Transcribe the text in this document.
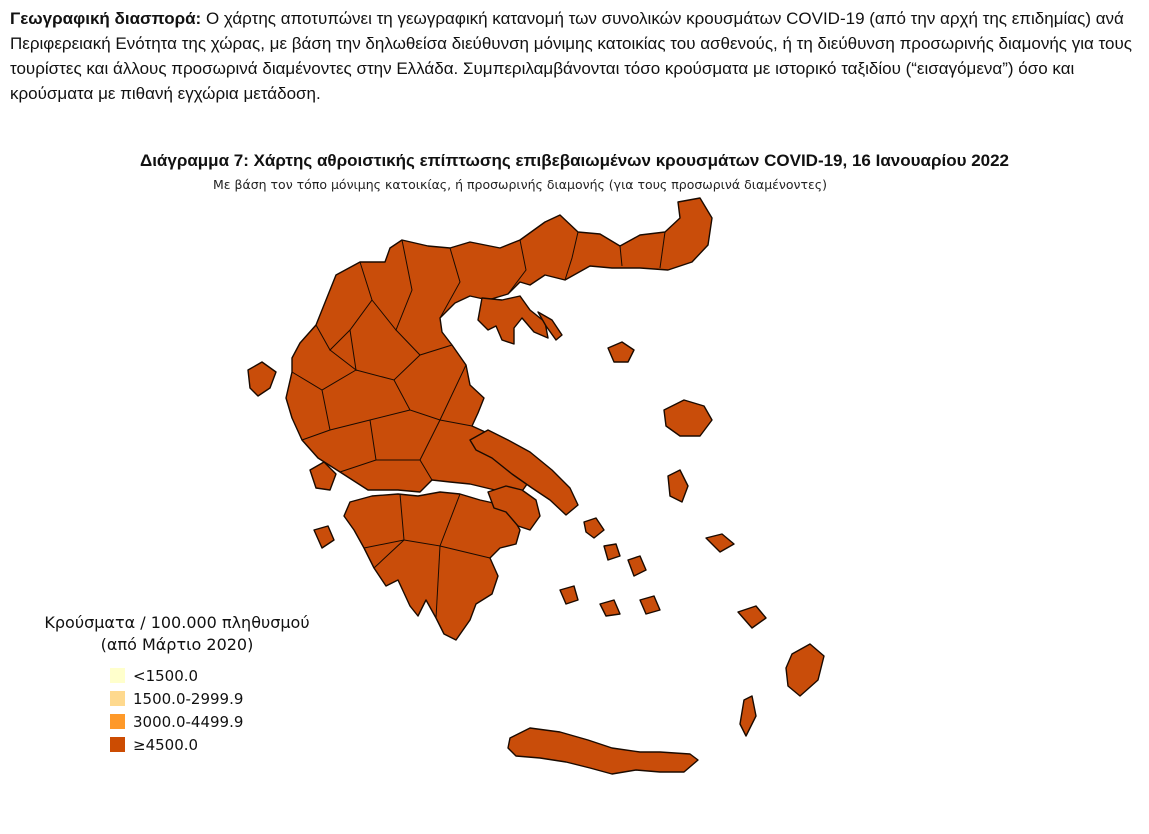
Γεωγραφική διασπορά: Ο χάρτης αποτυπώνει τη γεωγραφική κατανομή των συνολικών κρουσμάτων COVID-19 (από την αρχή της επιδημίας) ανά Περιφερειακή Ενότητα της χώρας, με βάση την δηλωθείσα διεύθυνση μόνιμης κατοικίας του ασθενούς, ή τη διεύθυνση προσωρινής διαμονής για τους τουρίστες και άλλους προσωρινά διαμένοντες στην Ελλάδα. Συμπεριλαμβάνονται τόσο κρούσματα με ιστορικό ταξιδίου (“εισαγόμενα”) όσο και κρούσματα με πιθανή εγχώρια μετάδοση.
Διάγραμμα 7: Χάρτης αθροιστικής επίπτωσης επιβεβαιωμένων κρουσμάτων COVID-19, 16 Ιανουαρίου 2022
Με βάση τον τόπο μόνιμης κατοικίας, ή προσωρινής διαμονής (για τους προσωρινά διαμένοντες)
Κρούσματα / 100.000 πληθυσμού
(από Μάρτιο 2020)
<1500.0
1500.0-2999.9
3000.0-4499.9
≥4500.0
